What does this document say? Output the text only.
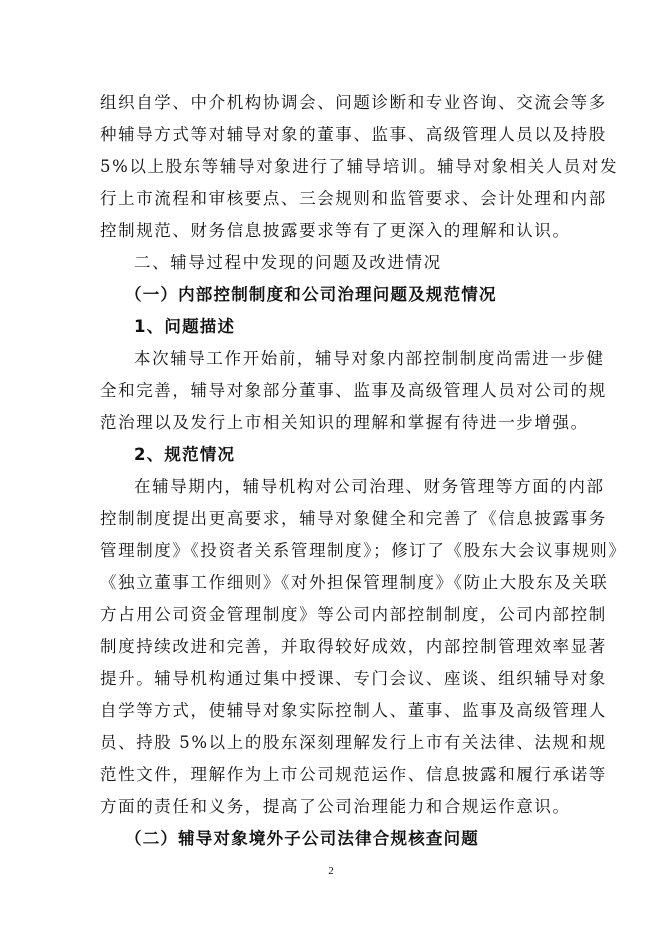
组织自学、中介机构协调会、问题诊断和专业咨询、交流会等多
种辅导方式等对辅导对象的董事、监事、高级管理人员以及持股
5%以上股东等辅导对象进行了辅导培训。辅导对象相关人员对发
行上市流程和审核要点、三会规则和监管要求、会计处理和内部
控制规范、财务信息披露要求等有了更深入的理解和认识。
二、辅导过程中发现的问题及改进情况
（一）内部控制制度和公司治理问题及规范情况
1、问题描述
本次辅导工作开始前，辅导对象内部控制制度尚需进一步健
全和完善，辅导对象部分董事、监事及高级管理人员对公司的规
范治理以及发行上市相关知识的理解和掌握有待进一步增强。
2、规范情况
在辅导期内，辅导机构对公司治理、财务管理等方面的内部
控制制度提出更高要求，辅导对象健全和完善了《信息披露事务
管理制度》《投资者关系管理制度》；修订了《股东大会议事规则》
《独立董事工作细则》《对外担保管理制度》《防止大股东及关联
方占用公司资金管理制度》等公司内部控制制度，公司内部控制
制度持续改进和完善，并取得较好成效，内部控制管理效率显著
提升。辅导机构通过集中授课、专门会议、座谈、组织辅导对象
自学等方式，使辅导对象实际控制人、董事、监事及高级管理人
员、持股 5%以上的股东深刻理解发行上市有关法律、法规和规
范性文件，理解作为上市公司规范运作、信息披露和履行承诺等
方面的责任和义务，提高了公司治理能力和合规运作意识。
（二）辅导对象境外子公司法律合规核查问题
2
